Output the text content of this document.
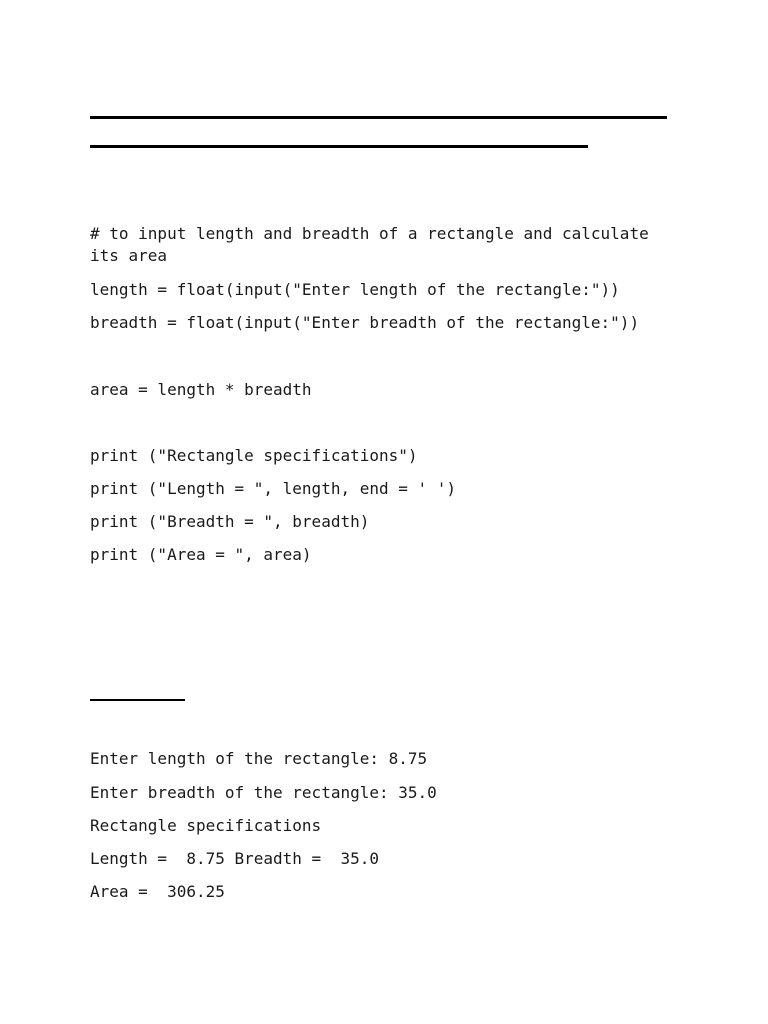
# to input length and breadth of a rectangle and calculate
its area
length = float(input("Enter length of the rectangle:"))
breadth = float(input("Enter breadth of the rectangle:"))
area = length * breadth
print ("Rectangle specifications")
print ("Length = ", length, end = ' ')
print ("Breadth = ", breadth)
print ("Area = ", area)
Enter length of the rectangle: 8.75
Enter breadth of the rectangle: 35.0
Rectangle specifications
Length =  8.75 Breadth =  35.0
Area =  306.25
